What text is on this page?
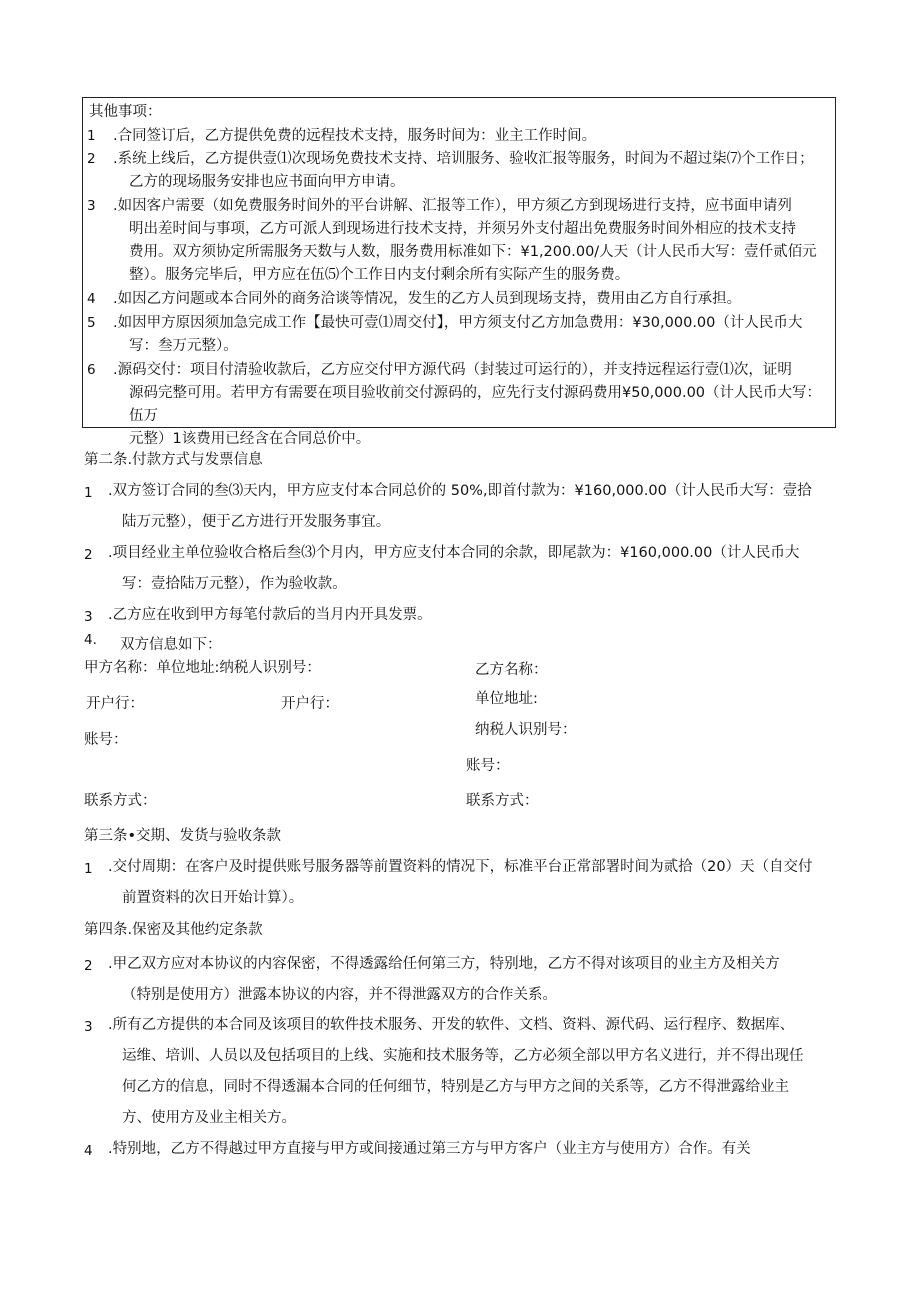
其他事项：
1 .合同签订后，乙方提供免费的远程技术支持，服务时间为：业主工作时间。
2 .系统上线后，乙方提供壹⑴次现场免费技术支持、培训服务、验收汇报等服务，时间为不超过柒⑺个工作日；
乙方的现场服务安排也应书面向甲方申请。
3 .如因客户需要（如免费服务时间外的平台讲解、汇报等工作），甲方须乙方到现场进行支持，应书面申请列
明出差时间与事项，乙方可派人到现场进行技术支持，并须另外支付超出免费服务时间外相应的技术支持
费用。双方须协定所需服务天数与人数，服务费用标准如下：¥1,200.00/人天（计人民币大写：壹仟贰佰元
整）。服务完毕后，甲方应在伍⑸个工作日内支付剩余所有实际产生的服务费。
4 .如因乙方问题或本合同外的商务洽谈等情况，发生的乙方人员到现场支持，费用由乙方自行承担。
5 .如因甲方原因须加急完成工作【最快可壹⑴周交付】，甲方须支付乙方加急费用：¥30,000.00（计人民币大
写：叁万元整）。
6 .源码交付：项目付清验收款后，乙方应交付甲方源代码（封装过可运行的），并支持远程运行壹⑴次，证明
源码完整可用。若甲方有需要在项目验收前交付源码的，应先行支付源码费用¥50,000.00（计人民币大写：伍万
元整）1该费用已经含在合同总价中。
第二条.付款方式与发票信息
1 .双方签订合同的叁⑶天内，甲方应支付本合同总价的 50%,即首付款为：¥160,000.00（计人民币大写：壹拾
陆万元整），便于乙方进行开发服务事宜。
2 .项目经业主单位验收合格后叁⑶个月内，甲方应支付本合同的余款，即尾款为：¥160,000.00（计人民币大
写：壹拾陆万元整），作为验收款。
3 .乙方应在收到甲方每笔付款后的当月内开具发票。
4. 双方信息如下：
甲方名称：单位地址:纳税人识别号：
开户行：	开户行：
账号：
联系方式：
乙方名称：
单位地址:
纳税人识别号：
账号：
联系方式：
第三条•交期、发货与验收条款
1 .交付周期：在客户及时提供账号服务器等前置资料的情况下，标准平台正常部署时间为贰拾（20）天（自交付
前置资料的次日开始计算）。
第四条.保密及其他约定条款
2 .甲乙双方应对本协议的内容保密，不得透露给任何第三方，特别地，乙方不得对该项目的业主方及相关方
（特别是使用方）泄露本协议的内容，并不得泄露双方的合作关系。
3 .所有乙方提供的本合同及该项目的软件技术服务、开发的软件、文档、资料、源代码、运行程序、数据库、
运维、培训、人员以及包括项目的上线、实施和技术服务等，乙方必须全部以甲方名义进行，并不得出现任
何乙方的信息，同时不得透漏本合同的任何细节，特别是乙方与甲方之间的关系等，乙方不得泄露给业主
方、使用方及业主相关方。
4 .特别地，乙方不得越过甲方直接与甲方或间接通过第三方与甲方客户（业主方与使用方）合作。有关
